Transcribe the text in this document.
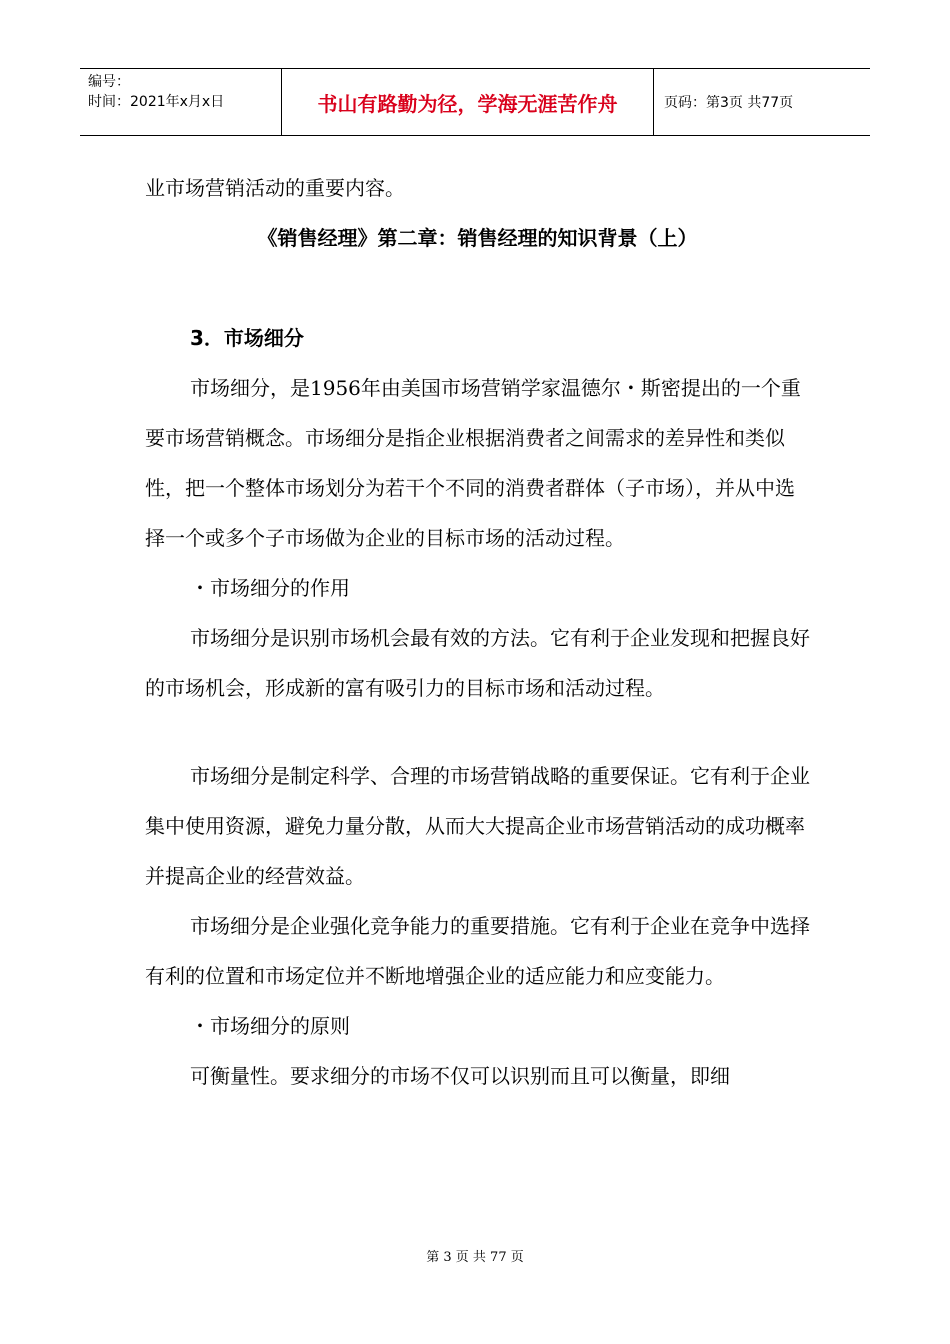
编号：
时间：2021年x月x日	书山有路勤为径，学海无涯苦作舟	页码：第3页 共77页

业市场营销活动的重要内容。

《销售经理》第二章：销售经理的知识背景（上）

3．市场细分

市场细分，是1956年由美国市场营销学家温德尔・斯密提出的一个重要市场营销概念。市场细分是指企业根据消费者之间需求的差异性和类似性，把一个整体市场划分为若干个不同的消费者群体（子市场），并从中选择一个或多个子市场做为企业的目标市场的活动过程。

・市场细分的作用

市场细分是识别市场机会最有效的方法。它有利于企业发现和把握良好的市场机会，形成新的富有吸引力的目标市场和活动过程。

市场细分是制定科学、合理的市场营销战略的重要保证。它有利于企业集中使用资源，避免力量分散，从而大大提高企业市场营销活动的成功概率并提高企业的经营效益。

市场细分是企业强化竞争能力的重要措施。它有利于企业在竞争中选择有利的位置和市场定位并不断地增强企业的适应能力和应变能力。

・市场细分的原则

可衡量性。要求细分的市场不仅可以识别而且可以衡量，即细

第 3 页 共 77 页
